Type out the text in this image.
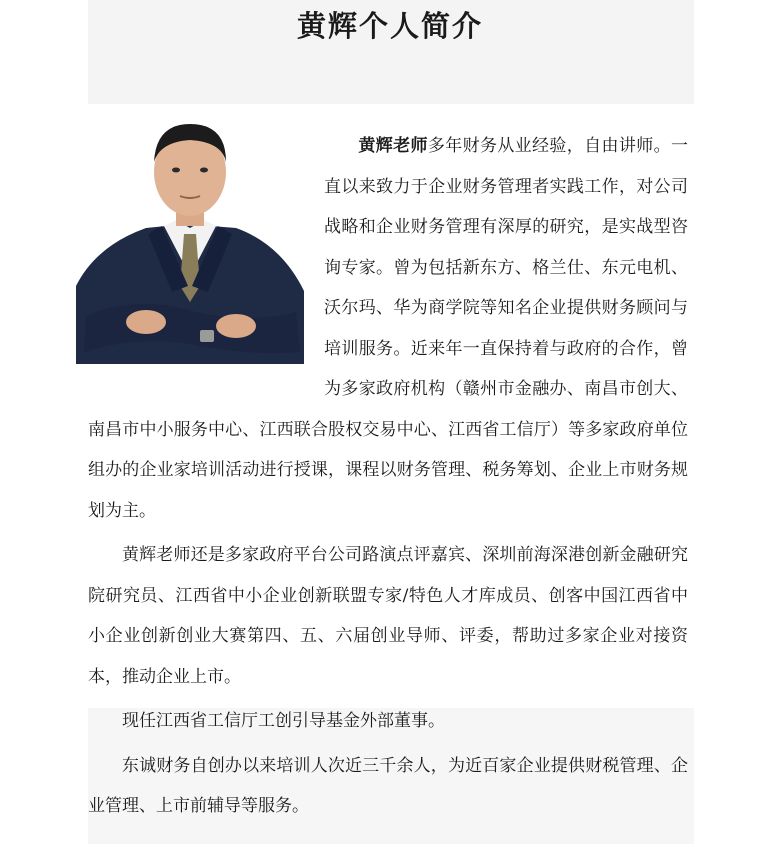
黄辉个人简介

  黄辉老师多年财务从业经验，自由讲师。一直以来致力于企业财务管理者实践工作，对公司战略和企业财务管理有深厚的研究，是实战型咨询专家。曾为包括新东方、格兰仕、东元电机、沃尔玛、华为商学院等知名企业提供财务顾问与培训服务。近来年一直保持着与政府的合作，曾为多家政府机构（赣州市金融办、南昌市创大、南昌市中小服务中心、江西联合股权交易中心、江西省工信厅）等多家政府单位组办的企业家培训活动进行授课，课程以财务管理、税务筹划、企业上市财务规划为主。

黄辉老师还是多家政府平台公司路演点评嘉宾、深圳前海深港创新金融研究院研究员、江西省中小企业创新联盟专家/特色人才库成员、创客中国江西省中小企业创新创业大赛第四、五、六届创业导师、评委，帮助过多家企业对接资本，推动企业上市。

现任江西省工信厅工创引导基金外部董事。

东诚财务自创办以来培训人次近三千余人，为近百家企业提供财税管理、企业管理、上市前辅导等服务。
